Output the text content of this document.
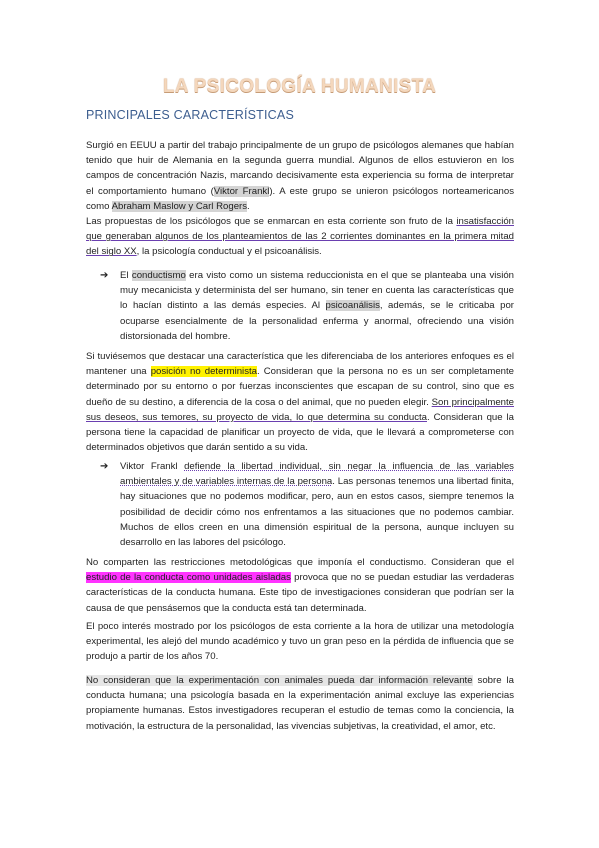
LA PSICOLOGÍA HUMANISTA
PRINCIPALES CARACTERÍSTICAS
Surgió en EEUU a partir del trabajo principalmente de un grupo de psicólogos alemanes que habían tenido que huir de Alemania en la segunda guerra mundial. Algunos de ellos estuvieron en los campos de concentración Nazis, marcando decisivamente esta experiencia su forma de interpretar el comportamiento humano (Viktor Frankl). A este grupo se unieron psicólogos norteamericanos como Abraham Maslow y Carl Rogers.
Las propuestas de los psicólogos que se enmarcan en esta corriente son fruto de la insatisfacción que generaban algunos de los planteamientos de las 2 corrientes dominantes en la primera mitad del siglo XX, la psicología conductual y el psicoanálisis.
➔	El conductismo era visto como un sistema reduccionista en el que se planteaba una visión muy mecanicista y determinista del ser humano, sin tener en cuenta las características que lo hacían distinto a las demás especies. Al psicoanálisis, además, se le criticaba por ocuparse esencialmente de la personalidad enferma y anormal, ofreciendo una visión distorsionada del hombre.
Si tuviésemos que destacar una característica que les diferenciaba de los anteriores enfoques es el mantener una posición no determinista. Consideran que la persona no es un ser completamente determinado por su entorno o por fuerzas inconscientes que escapan de su control, sino que es dueño de su destino, a diferencia de la cosa o del animal, que no pueden elegir. Son principalmente sus deseos, sus temores, su proyecto de vida, lo que determina su conducta. Consideran que la persona tiene la capacidad de planificar un proyecto de vida, que le llevará a comprometerse con determinados objetivos que darán sentido a su vida.
➔	Viktor Frankl defiende la libertad individual, sin negar la influencia de las variables ambientales y de variables internas de la persona. Las personas tenemos una libertad finita, hay situaciones que no podemos modificar, pero, aun en estos casos, siempre tenemos la posibilidad de decidir cómo nos enfrentamos a las situaciones que no podemos cambiar. Muchos de ellos creen en una dimensión espiritual de la persona, aunque incluyen su desarrollo en las labores del psicólogo.
No comparten las restricciones metodológicas que imponía el conductismo. Consideran que el estudio de la conducta como unidades aisladas provoca que no se puedan estudiar las verdaderas características de la conducta humana. Este tipo de investigaciones consideran que podrían ser la causa de que pensásemos que la conducta está tan determinada.
El poco interés mostrado por los psicólogos de esta corriente a la hora de utilizar una metodología experimental, les alejó del mundo académico y tuvo un gran peso en la pérdida de influencia que se produjo a partir de los años 70.
No consideran que la experimentación con animales pueda dar información relevante sobre la conducta humana; una psicología basada en la experimentación animal excluye las experiencias propiamente humanas. Estos investigadores recuperan el estudio de temas como la conciencia, la motivación, la estructura de la personalidad, las vivencias subjetivas, la creatividad, el amor, etc.
